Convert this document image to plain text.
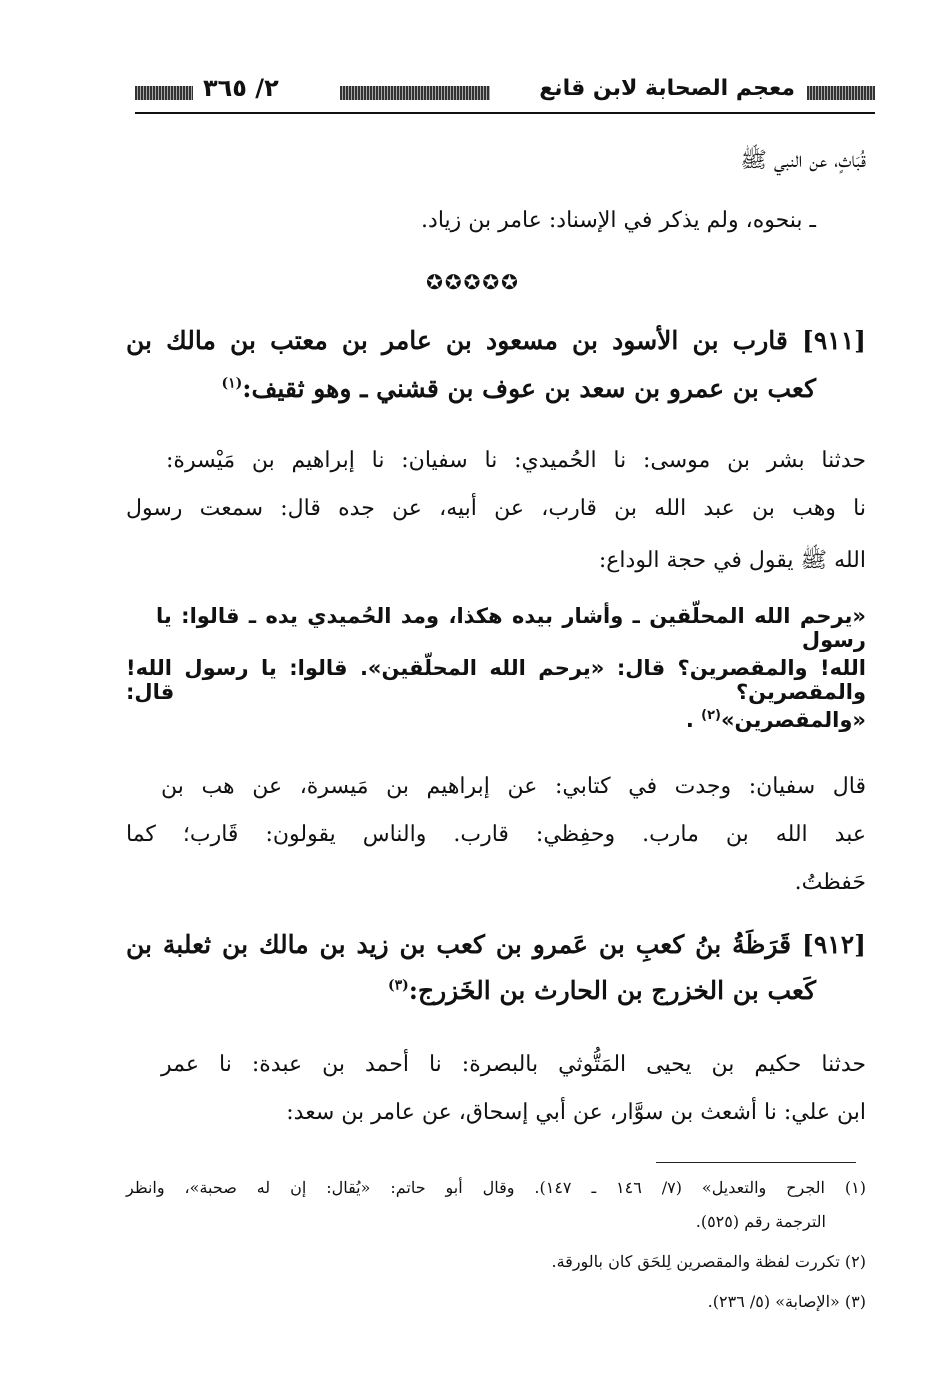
معجم الصحابة لابن قانع
٢/ ٣٦٥
قُبَاثٍ، عن النبي ﷺ
ـ بنحوه، ولم يذكر في الإسناد: عامر بن زياد.
✪✪✪✪✪
[٩١١] قارب بن الأسود بن مسعود بن عامر بن معتب بن مالك بن
كعب بن عمرو بن سعد بن عوف بن قشني ـ وهو ثقيف:$^{(١)}$
حدثنا بشر بن موسى: نا الحُميدي: نا سفيان: نا إبراهيم بن مَيْسرة:
نا وهب بن عبد الله بن قارب، عن أبيه، عن جده قال: سمعت رسول
الله ﷺ يقول في حجة الوداع:
«يرحم الله المحلّقين ـ وأشار بيده هكذا، ومد الحُميدي يده ـ قالوا: يا رسول
الله! والمقصرين؟ قال: «يرحم الله المحلّقين». قالوا: يا رسول الله! والمقصرين؟ قال:
«والمقصرين»$^{(٢)}$ .
قال سفيان: وجدت في كتابي: عن إبراهيم بن مَيسرة، عن هب بن
عبد الله بن مارب. وحفِظي: قارب. والناس يقولون: قَارب؛ كما
حَفظتُ.
[٩١٢] قَرَظَةُ بنُ كعبِ بن عَمرو بن كعب بن زيد بن مالك بن ثعلبة بن
كَعب بن الخزرج بن الحارث بن الخَزرج:$^{(٣)}$
حدثنا حكيم بن يحيى المَتُّوثي بالبصرة: نا أحمد بن عبدة: نا عمر
ابن علي: نا أشعث بن سوَّار، عن أبي إسحاق، عن عامر بن سعد:
(١) الجرح والتعديل» (٧/ ١٤٦ ـ ١٤٧). وقال أبو حاتم: «يُقال: إن له صحبة»، وانظر
الترجمة رقم (٥٢٥).
(٢) تكررت لفظة والمقصرين لِلحَق كان بالورقة.
(٣) «الإصابة» (٥/ ٢٣٦).
